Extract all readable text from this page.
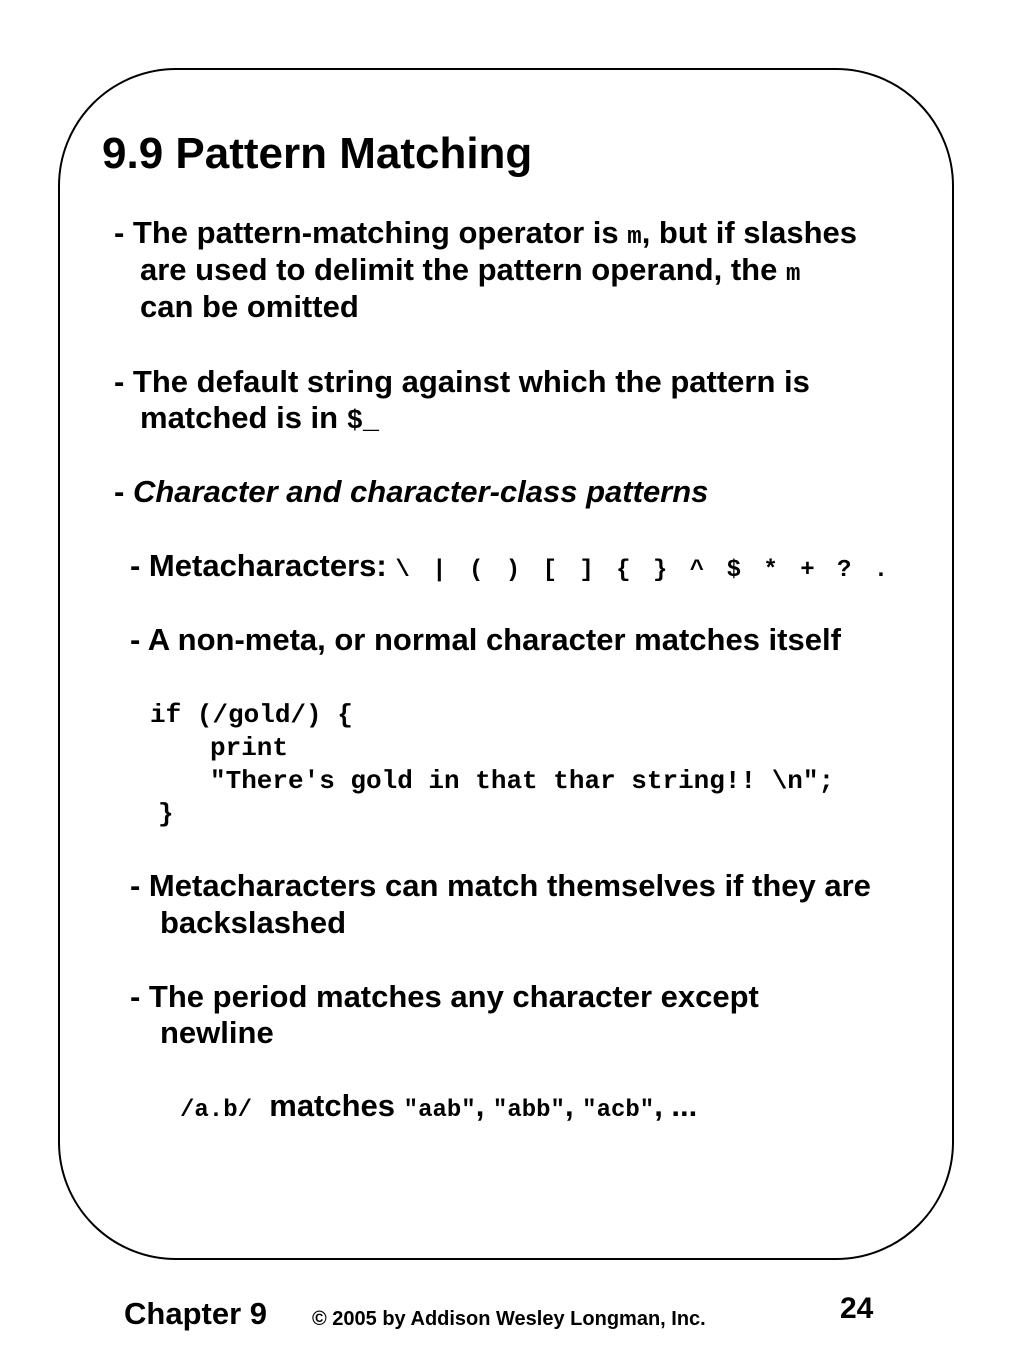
9.9 Pattern Matching
- The pattern-matching operator is m, but if slashes
are used to delimit the pattern operand, the m
can be omitted
- The default string against which the pattern is
matched is in $_
- Character and character-class patterns
- Metacharacters: \ | ( ) [ ] { } ^ $ * + ? .
- A non-meta, or normal character matches itself
if (/gold/) {
print
"There's gold in that thar string!! \n";
}
- Metacharacters can match themselves if they are
backslashed
- The period matches any character except
newline
/a.b/ matches "aab", "abb", "acb", ...
Chapter 9 © 2005 by Addison Wesley Longman, Inc.	24
